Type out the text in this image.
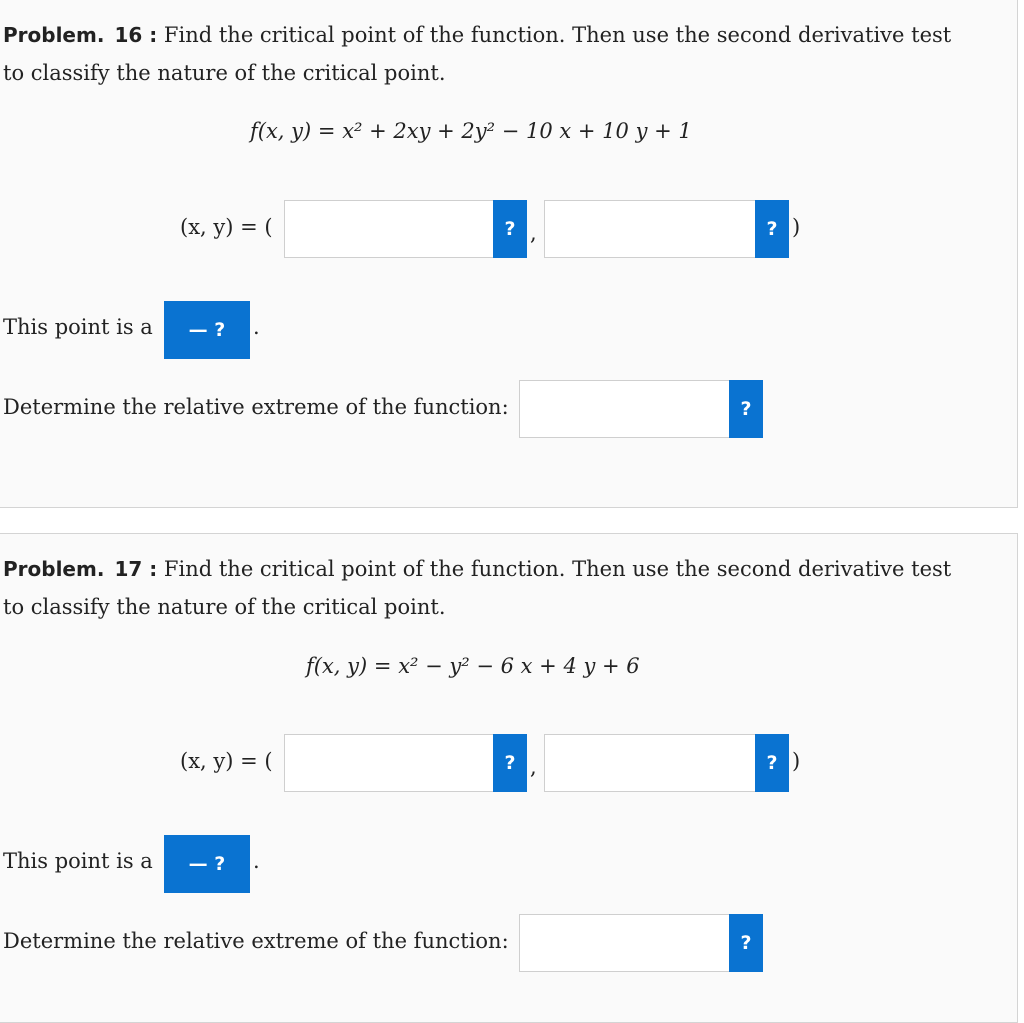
Problem. 16 : Find the critical point of the function. Then use the second derivative test
to classify the nature of the critical point.
f(x, y) = x² + 2xy + 2y² − 10 x + 10 y + 1
(x, y) = (	? ,	? )
This point is a	— ?	.
Determine the relative extreme of the function:	?
Problem. 17 : Find the critical point of the function. Then use the second derivative test
to classify the nature of the critical point.
f(x, y) = x² − y² − 6 x + 4 y + 6
(x, y) = (	? ,	? )
This point is a	— ?	.
Determine the relative extreme of the function:	?
